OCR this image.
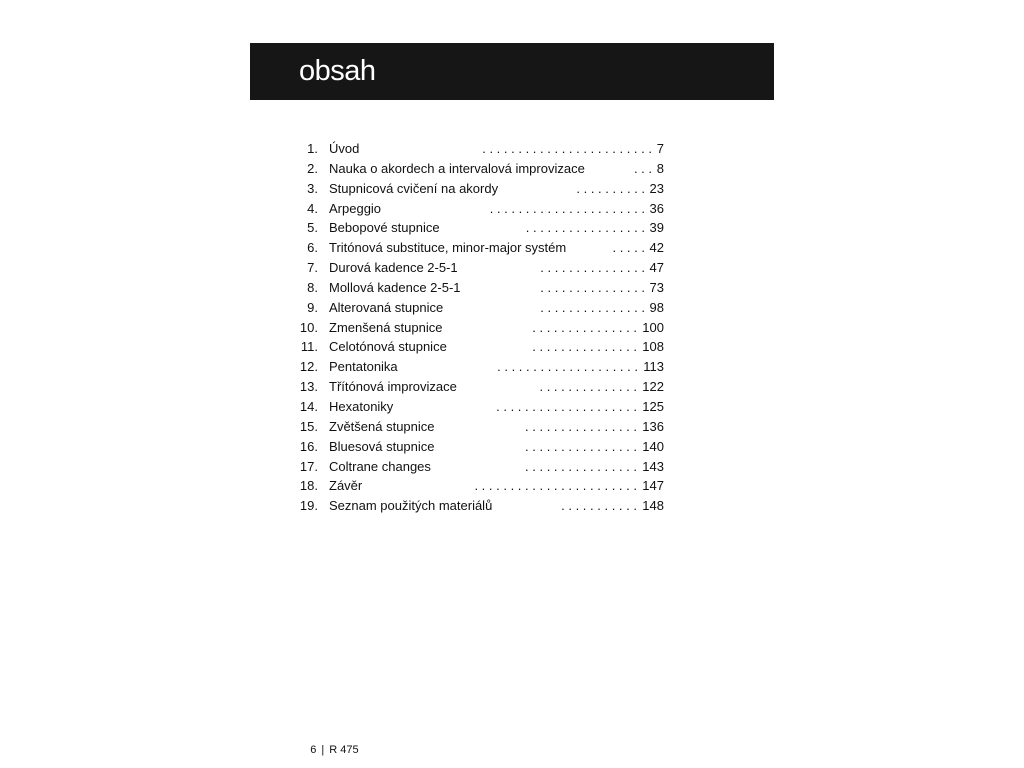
obsah
1. Úvod	. . . . . . . . . . . . . . . . . . . . . . . . 7
2. Nauka o akordech a intervalová improvizace	. . . 8
3. Stupnicová cvičení na akordy	. . . . . . . . . . 23
4. Arpeggio	. . . . . . . . . . . . . . . . . . . . . . 36
5. Bebopové stupnice	. . . . . . . . . . . . . . . . . 39
6. Tritónová substituce, minor-major systém	. . . . . 42
7. Durová kadence 2-5-1	. . . . . . . . . . . . . . . 47
8. Mollová kadence 2-5-1	. . . . . . . . . . . . . . . 73
9. Alterovaná stupnice	. . . . . . . . . . . . . . . 98
10. Zmenšená stupnice	. . . . . . . . . . . . . . . 100
11. Celotónová stupnice	. . . . . . . . . . . . . . . 108
12. Pentatonika	. . . . . . . . . . . . . . . . . . . . 113
13. Třítónová improvizace	. . . . . . . . . . . . . . 122
14. Hexatoniky	. . . . . . . . . . . . . . . . . . . . 125
15. Zvětšená stupnice	. . . . . . . . . . . . . . . . 136
16. Bluesová stupnice	. . . . . . . . . . . . . . . . 140
17. Coltrane changes	. . . . . . . . . . . . . . . . 143
18. Závěr	. . . . . . . . . . . . . . . . . . . . . . . 147
19. Seznam použitých materiálů	. . . . . . . . . . . 148

6 | R 475
